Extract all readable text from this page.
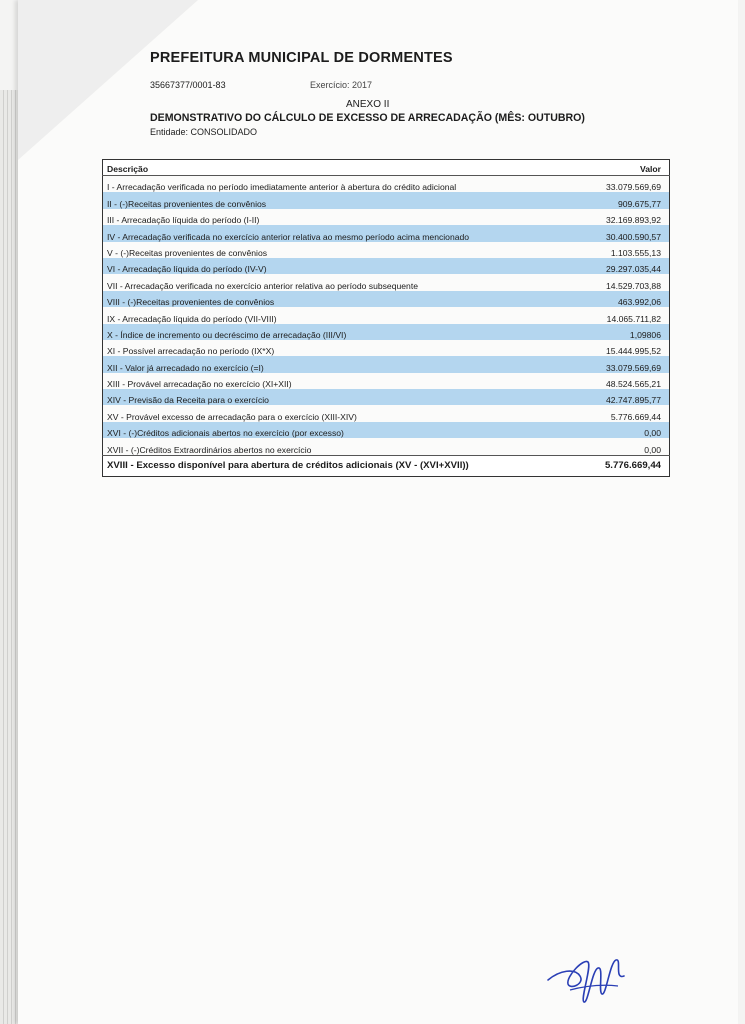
PREFEITURA MUNICIPAL DE DORMENTES
35667377/0001-83	Exercício: 2017
ANEXO II
DEMONSTRATIVO DO CÁLCULO DE EXCESSO DE ARRECADAÇÃO (MÊS: OUTUBRO)
Entidade: CONSOLIDADO
Descrição	Valor
I - Arrecadação verificada no período imediatamente anterior à abertura do crédito adicional	33.079.569,69
II - (-)Receitas provenientes de convênios	909.675,77
III - Arrecadação líquida do período (I-II)	32.169.893,92
IV - Arrecadação verificada no exercício anterior relativa ao mesmo período acima mencionado	30.400.590,57
V - (-)Receitas provenientes de convênios	1.103.555,13
VI - Arrecadação líquida do período (IV-V)	29.297.035,44
VII - Arrecadação verificada no exercício anterior relativa ao período subsequente	14.529.703,88
VIII - (-)Receitas provenientes de convênios	463.992,06
IX - Arrecadação líquida do período (VII-VIII)	14.065.711,82
X - Índice de incremento ou decréscimo de arrecadação (III/VI)	1,09806
XI - Possível arrecadação no período (IX*X)	15.444.995,52
XII - Valor já arrecadado no exercício (=I)	33.079.569,69
XIII - Provável arrecadação no exercício (XI+XII)	48.524.565,21
XIV - Previsão da Receita para o exercício	42.747.895,77
XV - Provável excesso de arrecadação para o exercício (XIII-XIV)	5.776.669,44
XVI - (-)Créditos adicionais abertos no exercício (por excesso)	0,00
XVII - (-)Créditos Extraordinários abertos no exercício	0,00
XVIII - Excesso disponível para abertura de créditos adicionais (XV - (XVI+XVII))	5.776.669,44
